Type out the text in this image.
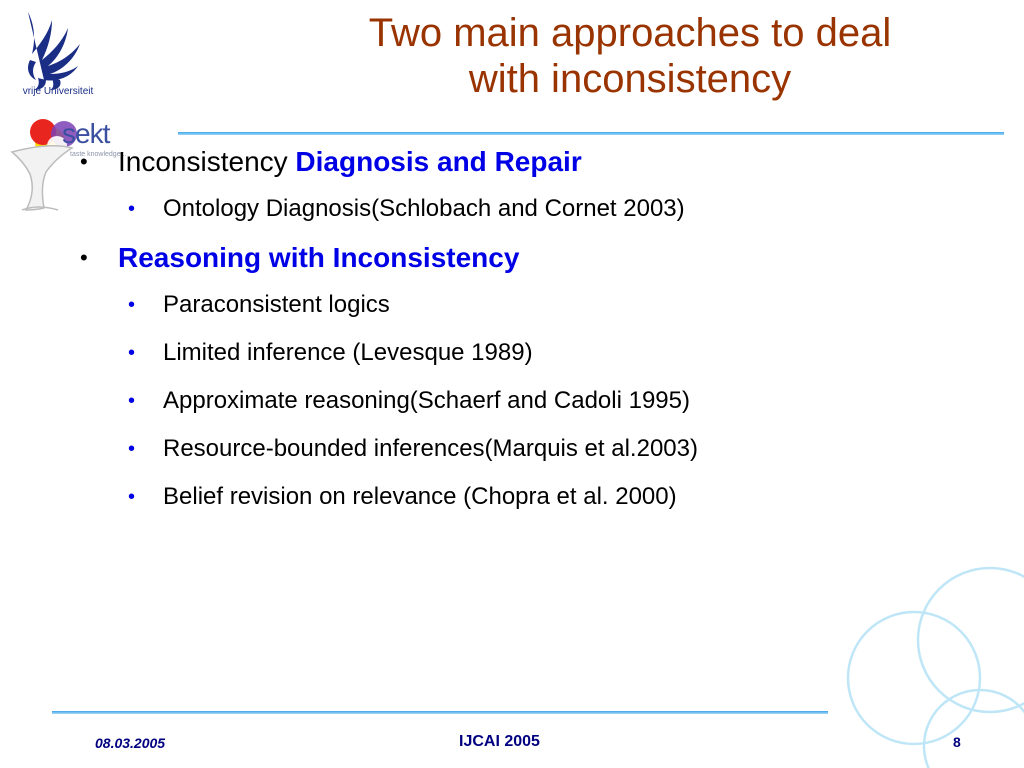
vrije Universiteit
sekt
taste knowledge...
Two main approaches to deal
with inconsistency
• Inconsistency Diagnosis and Repair
• Ontology Diagnosis(Schlobach and Cornet 2003)
• Reasoning with Inconsistency
• Paraconsistent logics
• Limited inference (Levesque 1989)
• Approximate reasoning(Schaerf and Cadoli 1995)
• Resource-bounded inferences(Marquis et al.2003)
• Belief revision on relevance (Chopra et al. 2000)
08.03.2005	IJCAI 2005	8
